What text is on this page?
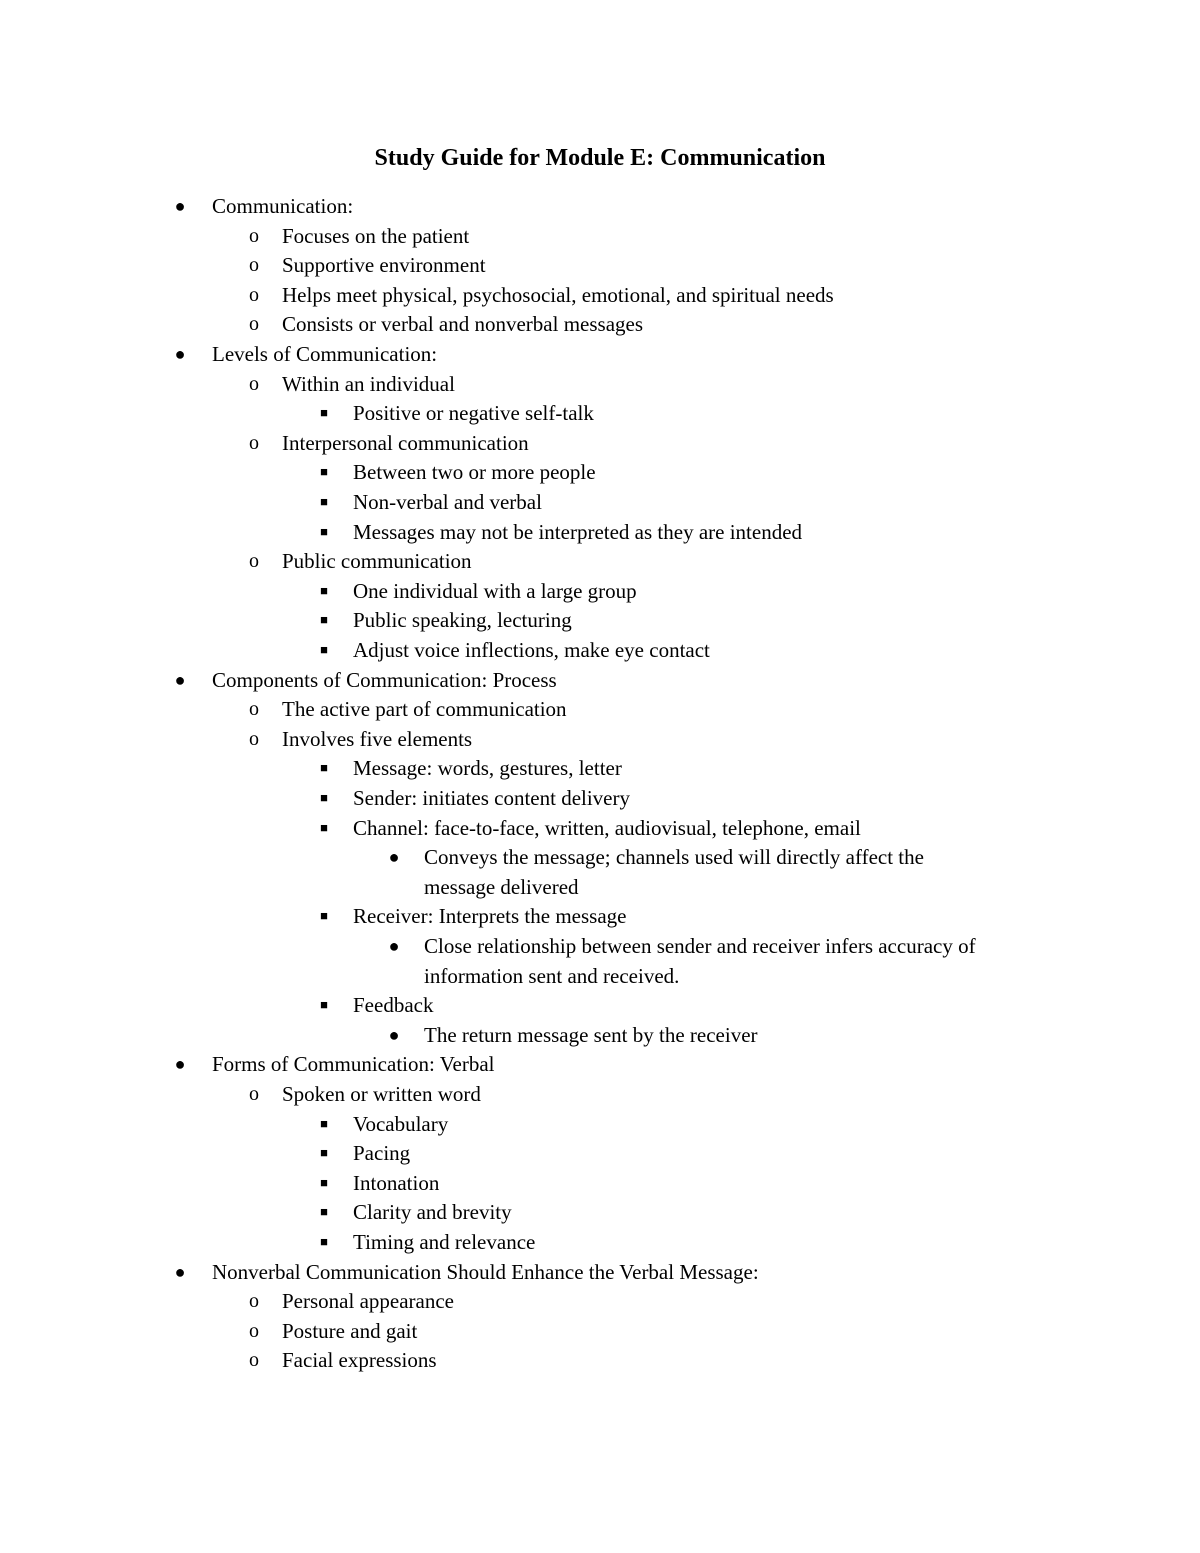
Study Guide for Module E: Communication
● Communication:
o Focuses on the patient
o Supportive environment
o Helps meet physical, psychosocial, emotional, and spiritual needs
o Consists or verbal and nonverbal messages
● Levels of Communication:
o Within an individual
■ Positive or negative self-talk
o Interpersonal communication
■ Between two or more people
■ Non-verbal and verbal
■ Messages may not be interpreted as they are intended
o Public communication
■ One individual with a large group
■ Public speaking, lecturing
■ Adjust voice inflections, make eye contact
● Components of Communication: Process
o The active part of communication
o Involves five elements
■ Message: words, gestures, letter
■ Sender: initiates content delivery
■ Channel: face-to-face, written, audiovisual, telephone, email
● Conveys the message; channels used will directly affect the
message delivered
■ Receiver: Interprets the message
● Close relationship between sender and receiver infers accuracy of
information sent and received.
■ Feedback
● The return message sent by the receiver
● Forms of Communication: Verbal
o Spoken or written word
■ Vocabulary
■ Pacing
■ Intonation
■ Clarity and brevity
■ Timing and relevance
● Nonverbal Communication Should Enhance the Verbal Message:
o Personal appearance
o Posture and gait
o Facial expressions
